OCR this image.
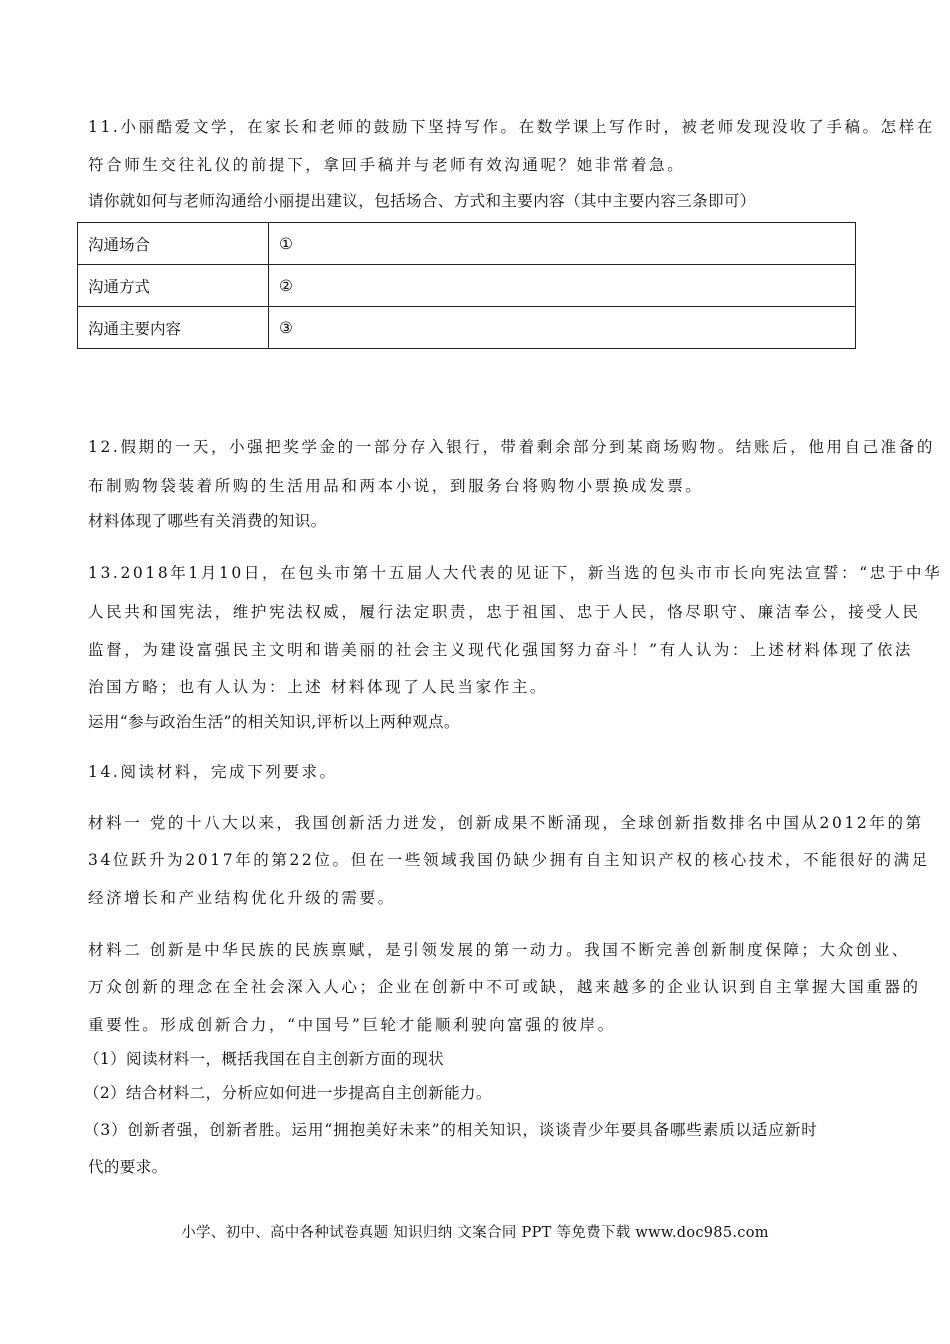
11.小丽酷爱文学，在家长和老师的鼓励下坚持写作。在数学课上写作时，被老师发现没收了手稿。怎样在
符合师生交往礼仪的前提下，拿回手稿并与老师有效沟通呢？她非常着急。
请你就如何与老师沟通给小丽提出建议，包括场合、方式和主要内容（其中主要内容三条即可）
沟通场合	①
沟通方式	②
沟通主要内容	③
12.假期的一天，小强把奖学金的一部分存入银行，带着剩余部分到某商场购物。结账后，他用自己准备的
布制购物袋装着所购的生活用品和两本小说，到服务台将购物小票换成发票。
材料体现了哪些有关消费的知识。
13.2018年1月10日，在包头市第十五届人大代表的见证下，新当选的包头市市长向宪法宣誓：“忠于中华
人民共和国宪法，维护宪法权威，履行法定职责，忠于祖国、忠于人民，恪尽职守、廉洁奉公，接受人民
监督，为建设富强民主文明和谐美丽的社会主义现代化强国努力奋斗！”有人认为：上述材料体现了依法
治国方略；也有人认为：上述 材料体现了人民当家作主。
运用“参与政治生活”的相关知识,评析以上两种观点。
14.阅读材料，完成下列要求。
材料一 党的十八大以来，我国创新活力迸发，创新成果不断涌现，全球创新指数排名中国从2012年的第
34位跃升为2017年的第22位。但在一些领域我国仍缺少拥有自主知识产权的核心技术，不能很好的满足
经济增长和产业结构优化升级的需要。
材料二 创新是中华民族的民族禀赋，是引领发展的第一动力。我国不断完善创新制度保障；大众创业、
万众创新的理念在全社会深入人心；企业在创新中不可或缺，越来越多的企业认识到自主掌握大国重器的
重要性。形成创新合力，“中国号”巨轮才能顺利驶向富强的彼岸。
（1）阅读材料一，概括我国在自主创新方面的现状
（2）结合材料二，分析应如何进一步提高自主创新能力。
（3）创新者强，创新者胜。运用“拥抱美好未来”的相关知识，谈谈青少年要具备哪些素质以适应新时
代的要求。
小学、初中、高中各种试卷真题 知识归纳 文案合同 PPT 等免费下载 www.doc985.com
